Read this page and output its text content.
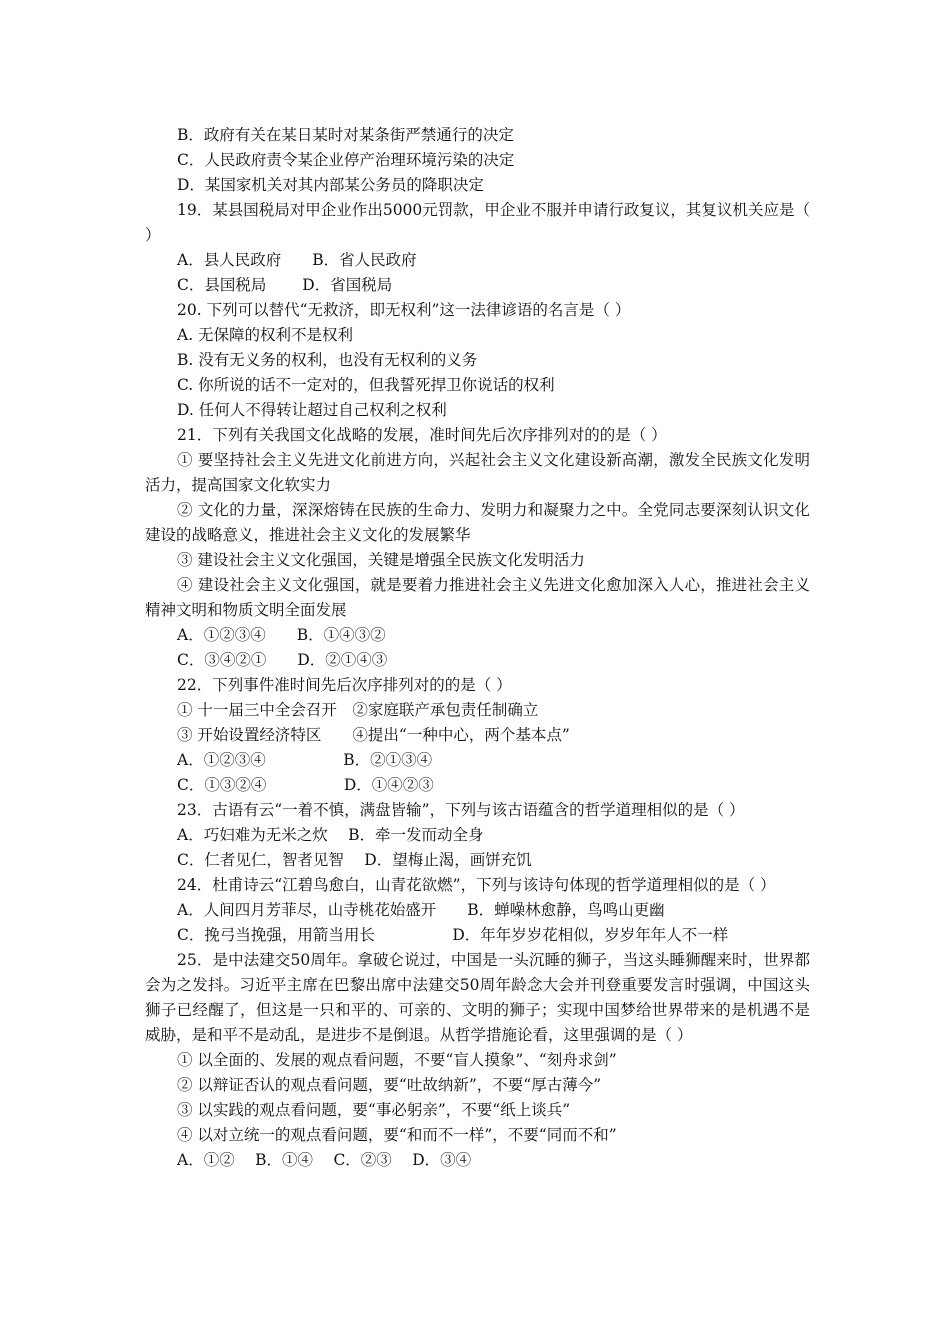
B．政府有关在某日某时对某条街严禁通行的决定
C．人民政府责令某企业停产治理环境污染的决定
D．某国家机关对其内部某公务员的降职决定
19．某县国税局对甲企业作出5000元罚款，甲企业不服并申请行政复议，其复议机关应是（ ）
A．县人民政府　　B．省人民政府
C．县国税局　　 D．省国税局
20. 下列可以替代“无救济，即无权利”这一法律谚语的名言是（ ）
A. 无保障的权利不是权利
B. 没有无义务的权利，也没有无权利的义务
C. 你所说的话不一定对的，但我誓死捍卫你说话的权利
D. 任何人不得转让超过自己权利之权利
21．下列有关我国文化战略的发展，准时间先后次序排列对的的是（ ）
① 要坚持社会主义先进文化前进方向，兴起社会主义文化建设新高潮，激发全民族文化发明活力，提高国家文化软实力
② 文化的力量，深深熔铸在民族的生命力、发明力和凝聚力之中。全党同志要深刻认识文化建设的战略意义，推进社会主义文化的发展繁华
③ 建设社会主义文化强国，关键是增强全民族文化发明活力
④ 建设社会主义文化强国，就是要着力推进社会主义先进文化愈加深入人心，推进社会主义精神文明和物质文明全面发展
A．①②③④　　B．①④③②
C．③④②①　　D．②①④③
22．下列事件准时间先后次序排列对的的是（ ）
① 十一届三中全会召开　②家庭联产承包责任制确立
③ 开始设置经济特区　　④提出“一种中心，两个基本点”
A．①②③④　　　　　B．②①③④
C．①③②④　　　　　D．①④②③
23．古语有云“一着不慎，满盘皆输”，下列与该古语蕴含的哲学道理相似的是（ ）
A．巧妇难为无米之炊　 B．牵一发而动全身
C．仁者见仁，智者见智　 D．望梅止渴，画饼充饥
24．杜甫诗云“江碧鸟愈白，山青花欲燃”，下列与该诗句体现的哲学道理相似的是（ ）
A．人间四月芳菲尽，山寺桃花始盛开　　B．蝉噪林愈静，鸟鸣山更幽
C．挽弓当挽强，用箭当用长　　　　　D．年年岁岁花相似，岁岁年年人不一样
25．是中法建交50周年。拿破仑说过，中国是一头沉睡的狮子，当这头睡狮醒来时，世界都会为之发抖。习近平主席在巴黎出席中法建交50周年龄念大会并刊登重要发言时强调，中国这头狮子已经醒了，但这是一只和平的、可亲的、文明的狮子；实现中国梦给世界带来的是机遇不是威胁，是和平不是动乱，是进步不是倒退。从哲学措施论看，这里强调的是（ ）
① 以全面的、发展的观点看问题，不要“盲人摸象”、“刻舟求剑”
② 以辩证否认的观点看问题，要“吐故纳新”，不要“厚古薄今”
③ 以实践的观点看问题，要“事必躬亲”，不要“纸上谈兵”
④ 以对立统一的观点看问题，要“和而不一样”，不要“同而不和”
A．①②　 B．①④　 C．②③　 D．③④
